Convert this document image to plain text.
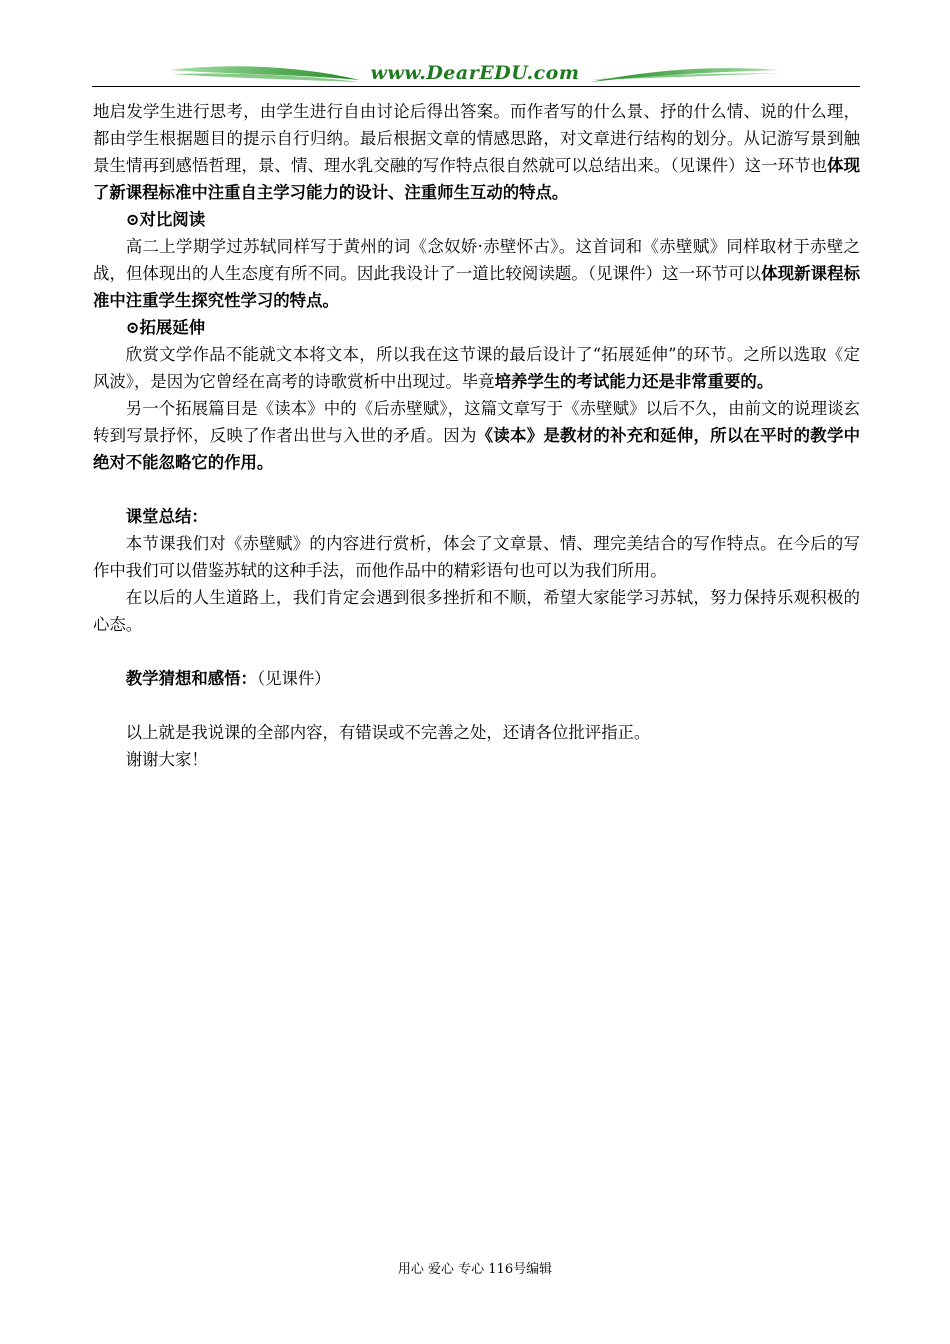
www.DearEDU.com

地启发学生进行思考，由学生进行自由讨论后得出答案。而作者写的什么景、抒的什么情、说的什么理，都由学生根据题目的提示自行归纳。最后根据文章的情感思路，对文章进行结构的划分。从记游写景到触景生情再到感悟哲理，景、情、理水乳交融的写作特点很自然就可以总结出来。（见课件）这一环节也体现了新课程标准中注重自主学习能力的设计、注重师生互动的特点。

⊙对比阅读

高二上学期学过苏轼同样写于黄州的词《念奴娇·赤壁怀古》。这首词和《赤壁赋》同样取材于赤壁之战，但体现出的人生态度有所不同。因此我设计了一道比较阅读题。（见课件）这一环节可以体现新课程标准中注重学生探究性学习的特点。

⊙拓展延伸

欣赏文学作品不能就文本将文本，所以我在这节课的最后设计了“拓展延伸”的环节。之所以选取《定风波》，是因为它曾经在高考的诗歌赏析中出现过。毕竟培养学生的考试能力还是非常重要的。

另一个拓展篇目是《读本》中的《后赤壁赋》，这篇文章写于《赤壁赋》以后不久，由前文的说理谈玄转到写景抒怀，反映了作者出世与入世的矛盾。因为《读本》是教材的补充和延伸，所以在平时的教学中绝对不能忽略它的作用。

课堂总结：

本节课我们对《赤壁赋》的内容进行赏析，体会了文章景、情、理完美结合的写作特点。在今后的写作中我们可以借鉴苏轼的这种手法，而他作品中的精彩语句也可以为我们所用。

在以后的人生道路上，我们肯定会遇到很多挫折和不顺，希望大家能学习苏轼，努力保持乐观积极的心态。

教学猜想和感悟：（见课件）

以上就是我说课的全部内容，有错误或不完善之处，还请各位批评指正。

谢谢大家！

用心 爱心 专心 116号编辑
